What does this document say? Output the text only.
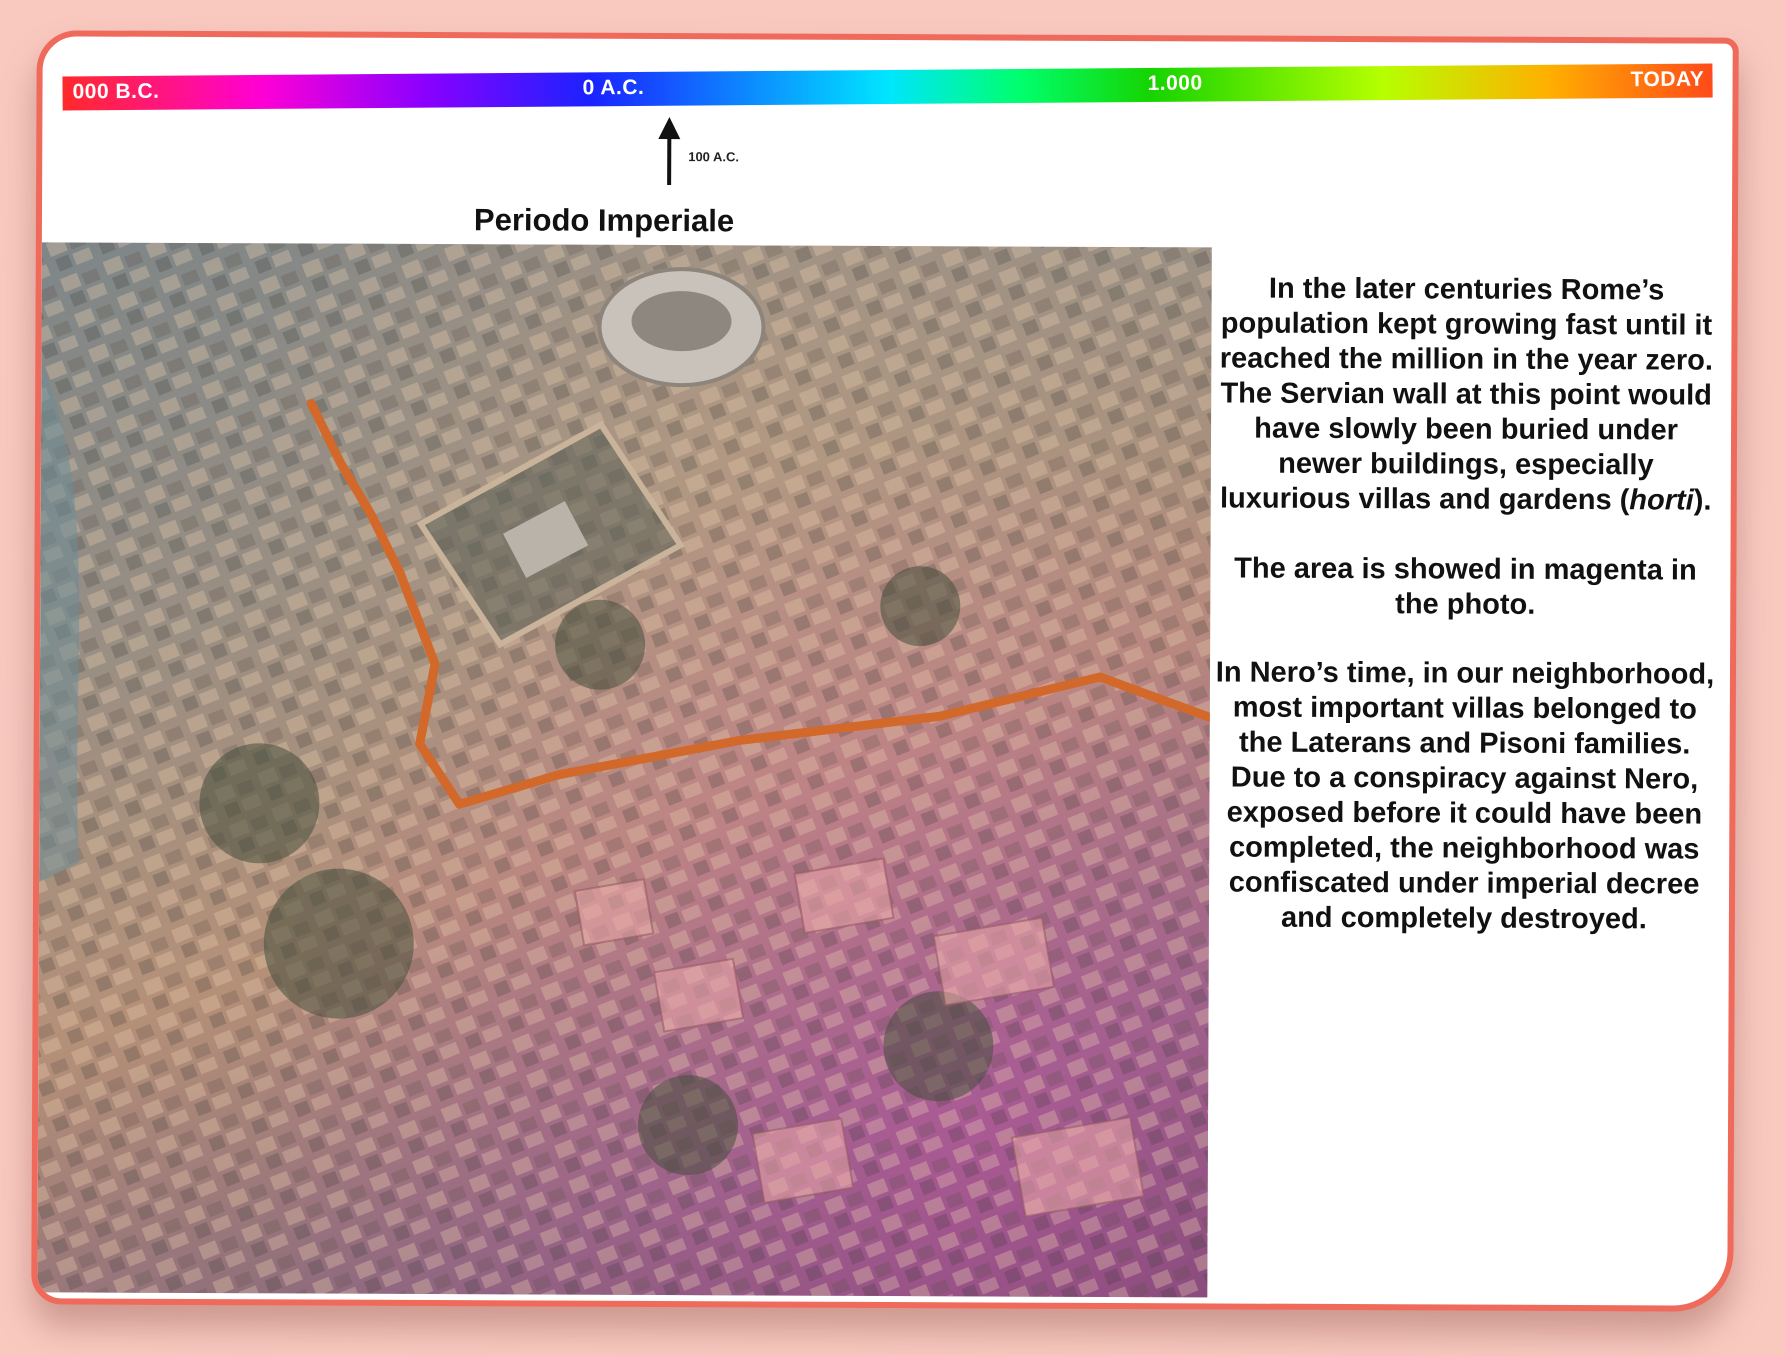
000 B.C.	0 A.C.	1.000	TODAY
100 A.C.
Periodo Imperiale

In the later centuries Rome’s population kept growing fast until it reached the million in the year zero. The Servian wall at this point would have slowly been buried under newer buildings, especially luxurious villas and gardens (horti).

The area is showed in magenta in the photo.

In Nero’s time, in our neighborhood, most important villas belonged to the Laterans and Pisoni families. Due to a conspiracy against Nero, exposed before it could have been completed, the neighborhood was confiscated under imperial decree and completely destroyed.
